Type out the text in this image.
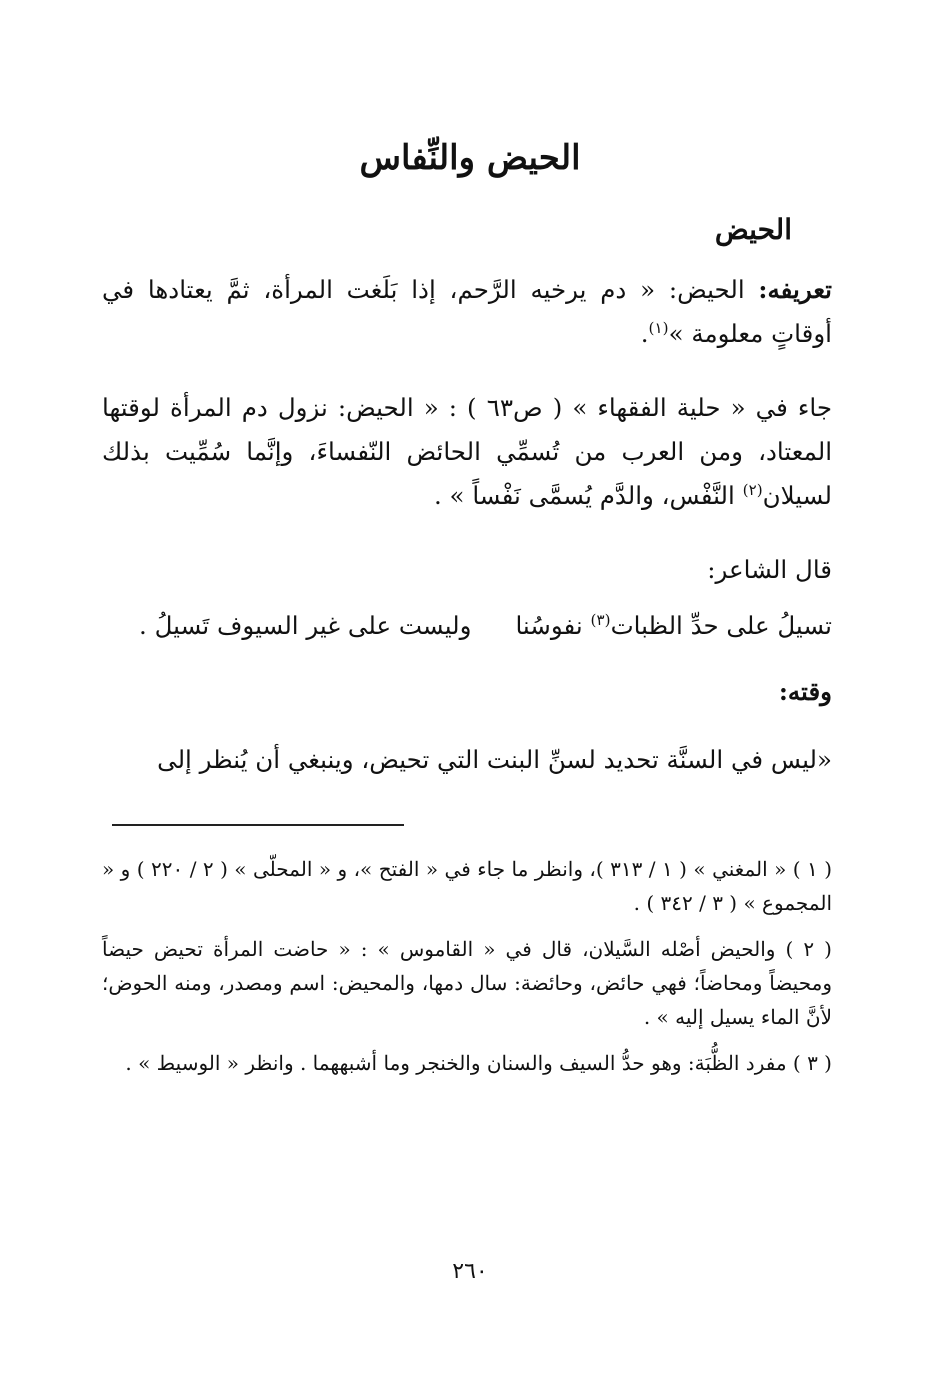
الحيض والنِّفاس
الحيض

تعريفه: الحيض: « دم يرخيه الرَّحم، إذا بَلَغت المرأة، ثمَّ يعتادها في أوقاتٍ معلومة »$^{(١)}$.

جاء في « حلية الفقهاء » ( ص٦٣ ) : « الحيض: نزول دم المرأة لوقتها المعتاد، ومن العرب من تُسمِّي الحائض النّفساءَ، وإنَّما سُمِّيت بذلك لسيلان$^{(٢)}$ النَّفْس، والدَّم يُسمَّى نَفْساً » .

قال الشاعر:

تسيلُ على حدِّ الظبات$^{(٣)}$ نفوسُنا
وليست على غير السيوف تَسيلُ .

وقته:

«ليس في السنَّة تحديد لسنِّ البنت التي تحيض، وينبغي أن يُنظر إلى

( ١ ) « المغني » ( ١ / ٣١٣ )، وانظر ما جاء في « الفتح »، و « المحلّى » ( ٢ / ٢٢٠ ) و « المجموع » ( ٣ / ٣٤٢ ) .

( ٢ ) والحيض أصْله السَّيلان، قال في « القاموس » : « حاضت المرأة تحيض حيضاً ومحيضاً ومحاضاً؛ فهي حائض، وحائضة: سال دمها، والمحيض: اسم ومصدر، ومنه الحوض؛ لأنَّ الماء يسيل إليه » .

( ٣ ) مفرد الظُّبَة: وهو حدُّ السيف والسنان والخنجر وما أشبههما . وانظر « الوسيط » .

٢٦٠
